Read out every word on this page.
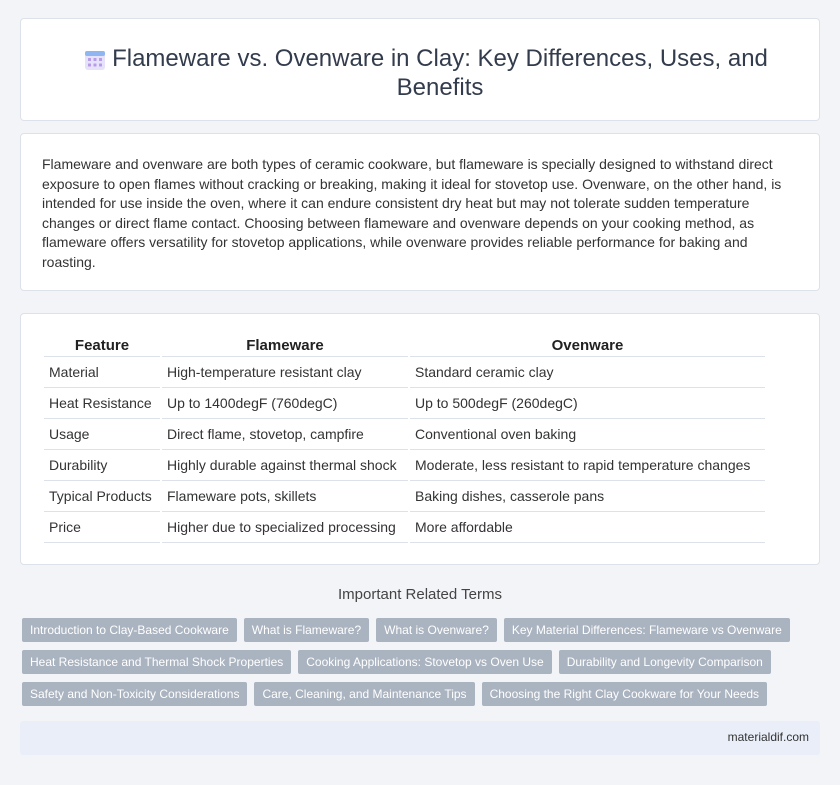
Flameware vs. Ovenware in Clay: Key Differences, Uses, and Benefits

Flameware and ovenware are both types of ceramic cookware, but flameware is specially designed to withstand direct exposure to open flames without cracking or breaking, making it ideal for stovetop use. Ovenware, on the other hand, is intended for use inside the oven, where it can endure consistent dry heat but may not tolerate sudden temperature changes or direct flame contact. Choosing between flameware and ovenware depends on your cooking method, as flameware offers versatility for stovetop applications, while ovenware provides reliable performance for baking and roasting.

Feature	Flameware	Ovenware
Material	High-temperature resistant clay	Standard ceramic clay
Heat Resistance	Up to 1400degF (760degC)	Up to 500degF (260degC)
Usage	Direct flame, stovetop, campfire	Conventional oven baking
Durability	Highly durable against thermal shock	Moderate, less resistant to rapid temperature changes
Typical Products	Flameware pots, skillets	Baking dishes, casserole pans
Price	Higher due to specialized processing	More affordable
Important Related Terms
Introduction to Clay-Based Cookware	What is Flameware?	What is Ovenware?	Key Material Differences: Flameware vs Ovenware
Heat Resistance and Thermal Shock Properties	Cooking Applications: Stovetop vs Oven Use	Durability and Longevity Comparison
Safety and Non-Toxicity Considerations	Care, Cleaning, and Maintenance Tips	Choosing the Right Clay Cookware for Your Needs
materialdif.com
